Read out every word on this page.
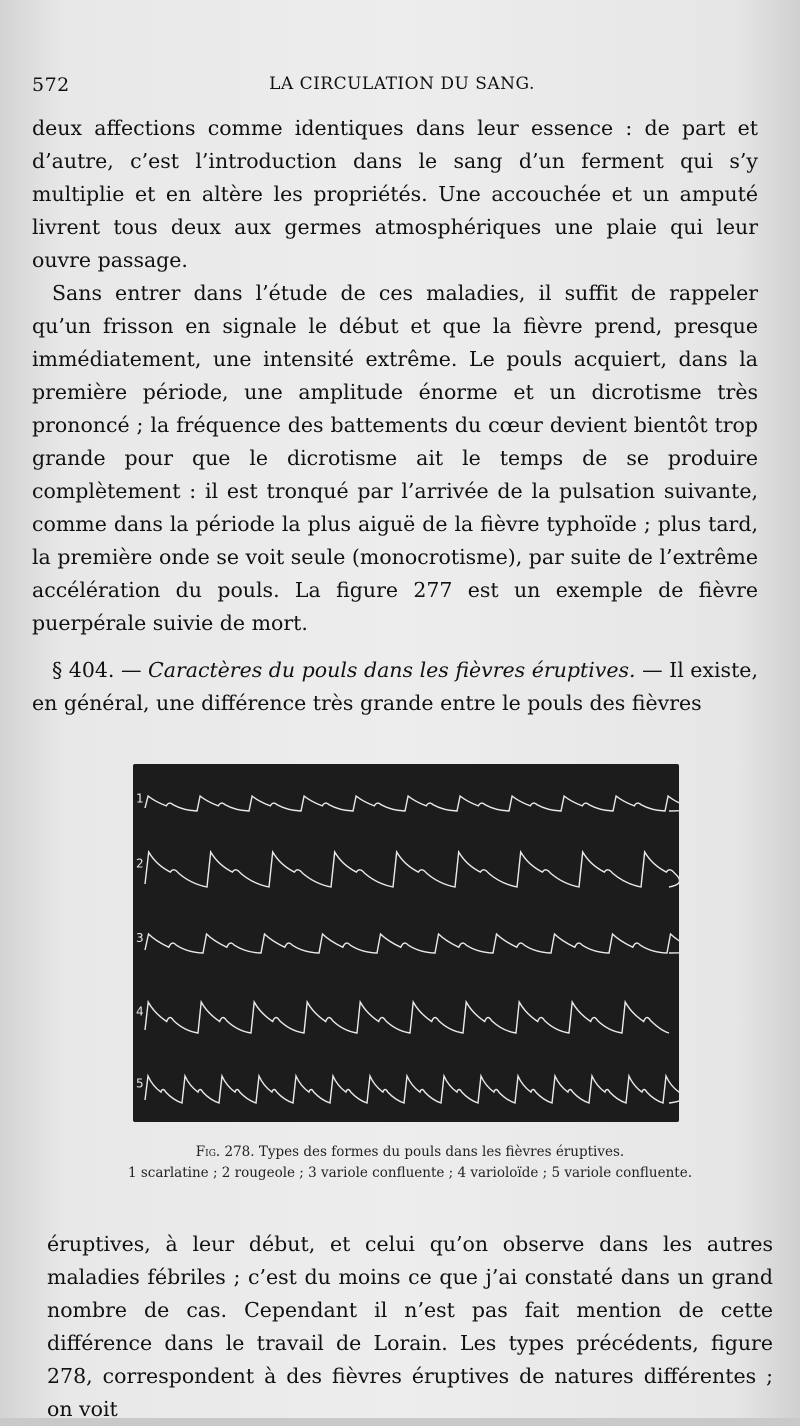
572	LA CIRCULATION DU SANG.

deux affections comme identiques dans leur essence : de part et d’autre, c’est l’introduction dans le sang d’un ferment qui s’y multiplie et en altère les propriétés. Une accouchée et un amputé livrent tous deux aux germes atmosphériques une plaie qui leur ouvre passage.

Sans entrer dans l’étude de ces maladies, il suffit de rappeler qu’un frisson en signale le début et que la fièvre prend, presque immédiatement, une intensité extrême. Le pouls acquiert, dans la première période, une amplitude énorme et un dicrotisme très prononcé ; la fréquence des battements du cœur devient bientôt trop grande pour que le dicrotisme ait le temps de se produire complètement : il est tronqué par l’arrivée de la pulsation suivante, comme dans la période la plus aiguë de la fièvre typhoïde ; plus tard, la première onde se voit seule (monocrotisme), par suite de l’extrême accélération du pouls. La figure 277 est un exemple de fièvre puerpérale suivie de mort.

§ 404. — Caractères du pouls dans les fièvres éruptives. — Il existe, en général, une différence très grande entre le pouls des fièvres

1
2
3
4
5
Fig. 278. Types des formes du pouls dans les fièvres éruptives.
1 scarlatine ; 2 rougeole ; 3 variole confluente ; 4 varioloïde ; 5 variole confluente.

éruptives, à leur début, et celui qu’on observe dans les autres maladies fébriles ; c’est du moins ce que j’ai constaté dans un grand nombre de cas. Cependant il n’est pas fait mention de cette différence dans le travail de Lorain. Les types précédents, figure 278, correspondent à des fièvres éruptives de natures différentes ; on voit
